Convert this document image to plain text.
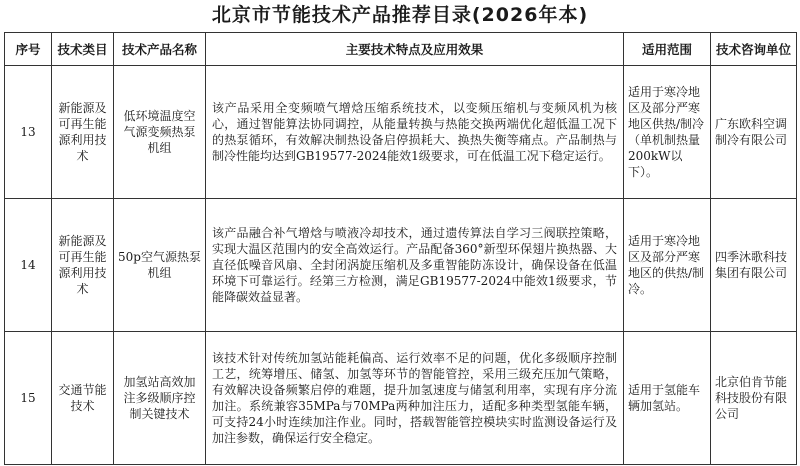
北京市节能技术产品推荐目录(2026年本)
序号	技术类目	技术产品名称	主要技术特点及应用效果	适用范围	技术咨询单位
13	新能源及可再生能源利用技术	低环境温度空气源变频热泵机组	该产品采用全变频喷气增焓压缩系统技术，以变频压缩机与变频风机为核心，通过智能算法协同调控，从能量转换与热能交换两端优化超低温工况下的热泵循环，有效解决制热设备启停损耗大、换热失衡等痛点。产品制热与制冷性能均达到GB19577-2024能效1级要求，可在低温工况下稳定运行。	适用于寒冷地区及部分严寒地区供热/制冷（单机制热量200kW以下）。	广东欧科空调制冷有限公司
14	新能源及可再生能源利用技术	50p空气源热泵机组	该产品融合补气增焓与喷液冷却技术，通过遗传算法自学习三阀联控策略，实现大温区范围内的安全高效运行。产品配备360°新型环保翅片换热器、大直径低噪音风扇、全封闭涡旋压缩机及多重智能防冻设计，确保设备在低温环境下可靠运行。经第三方检测，满足GB19577-2024中能效1级要求，节能降碳效益显著。	适用于寒冷地区及部分严寒地区的供热/制冷。	四季沐歌科技集团有限公司
15	交通节能技术	加氢站高效加注多级顺序控制关键技术	该技术针对传统加氢站能耗偏高、运行效率不足的问题，优化多级顺序控制工艺，统筹增压、储氢、加氢等环节的智能管控，采用三级充压加气策略，有效解决设备频繁启停的难题，提升加氢速度与储氢利用率，实现有序分流加注。系统兼容35MPa与70MPa两种加注压力，适配多种类型氢能车辆，可支持24小时连续加注作业。同时，搭载智能管控模块实时监测设备运行及加注参数，确保运行安全稳定。	适用于氢能车辆加氢站。	北京伯肯节能科技股份有限公司
